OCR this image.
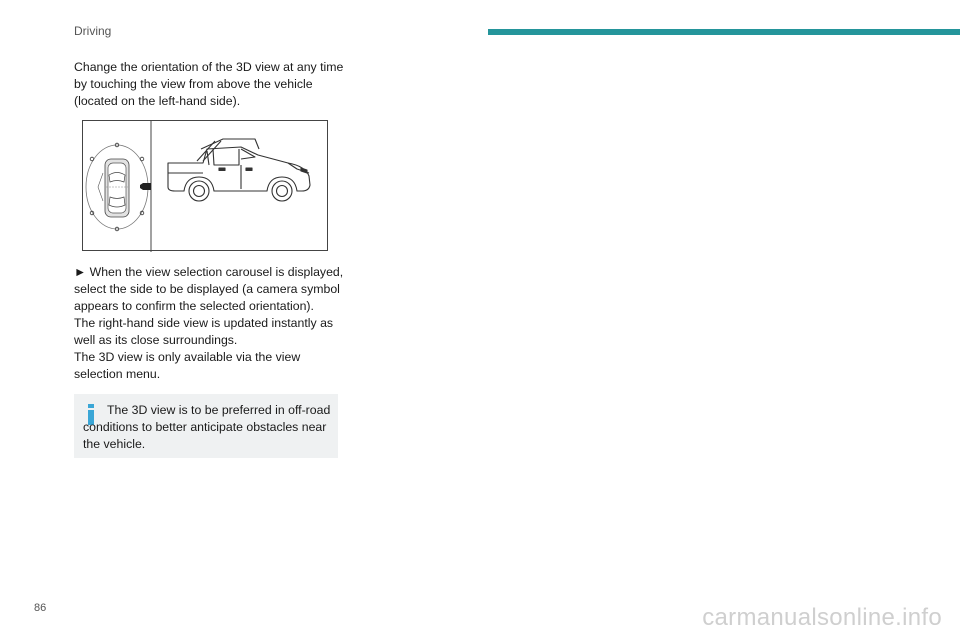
Driving

Change the orientation of the 3D view at any time by touching the view from above the vehicle (located on the left-hand side).

► When the view selection carousel is displayed, select the side to be displayed (a camera symbol appears to confirm the selected orientation).
The right-hand side view is updated instantly as well as its close surroundings.
The 3D view is only available via the view selection menu.

The 3D view is to be preferred in off-road conditions to better anticipate obstacles near the vehicle.

86	carmanualsonline.info
